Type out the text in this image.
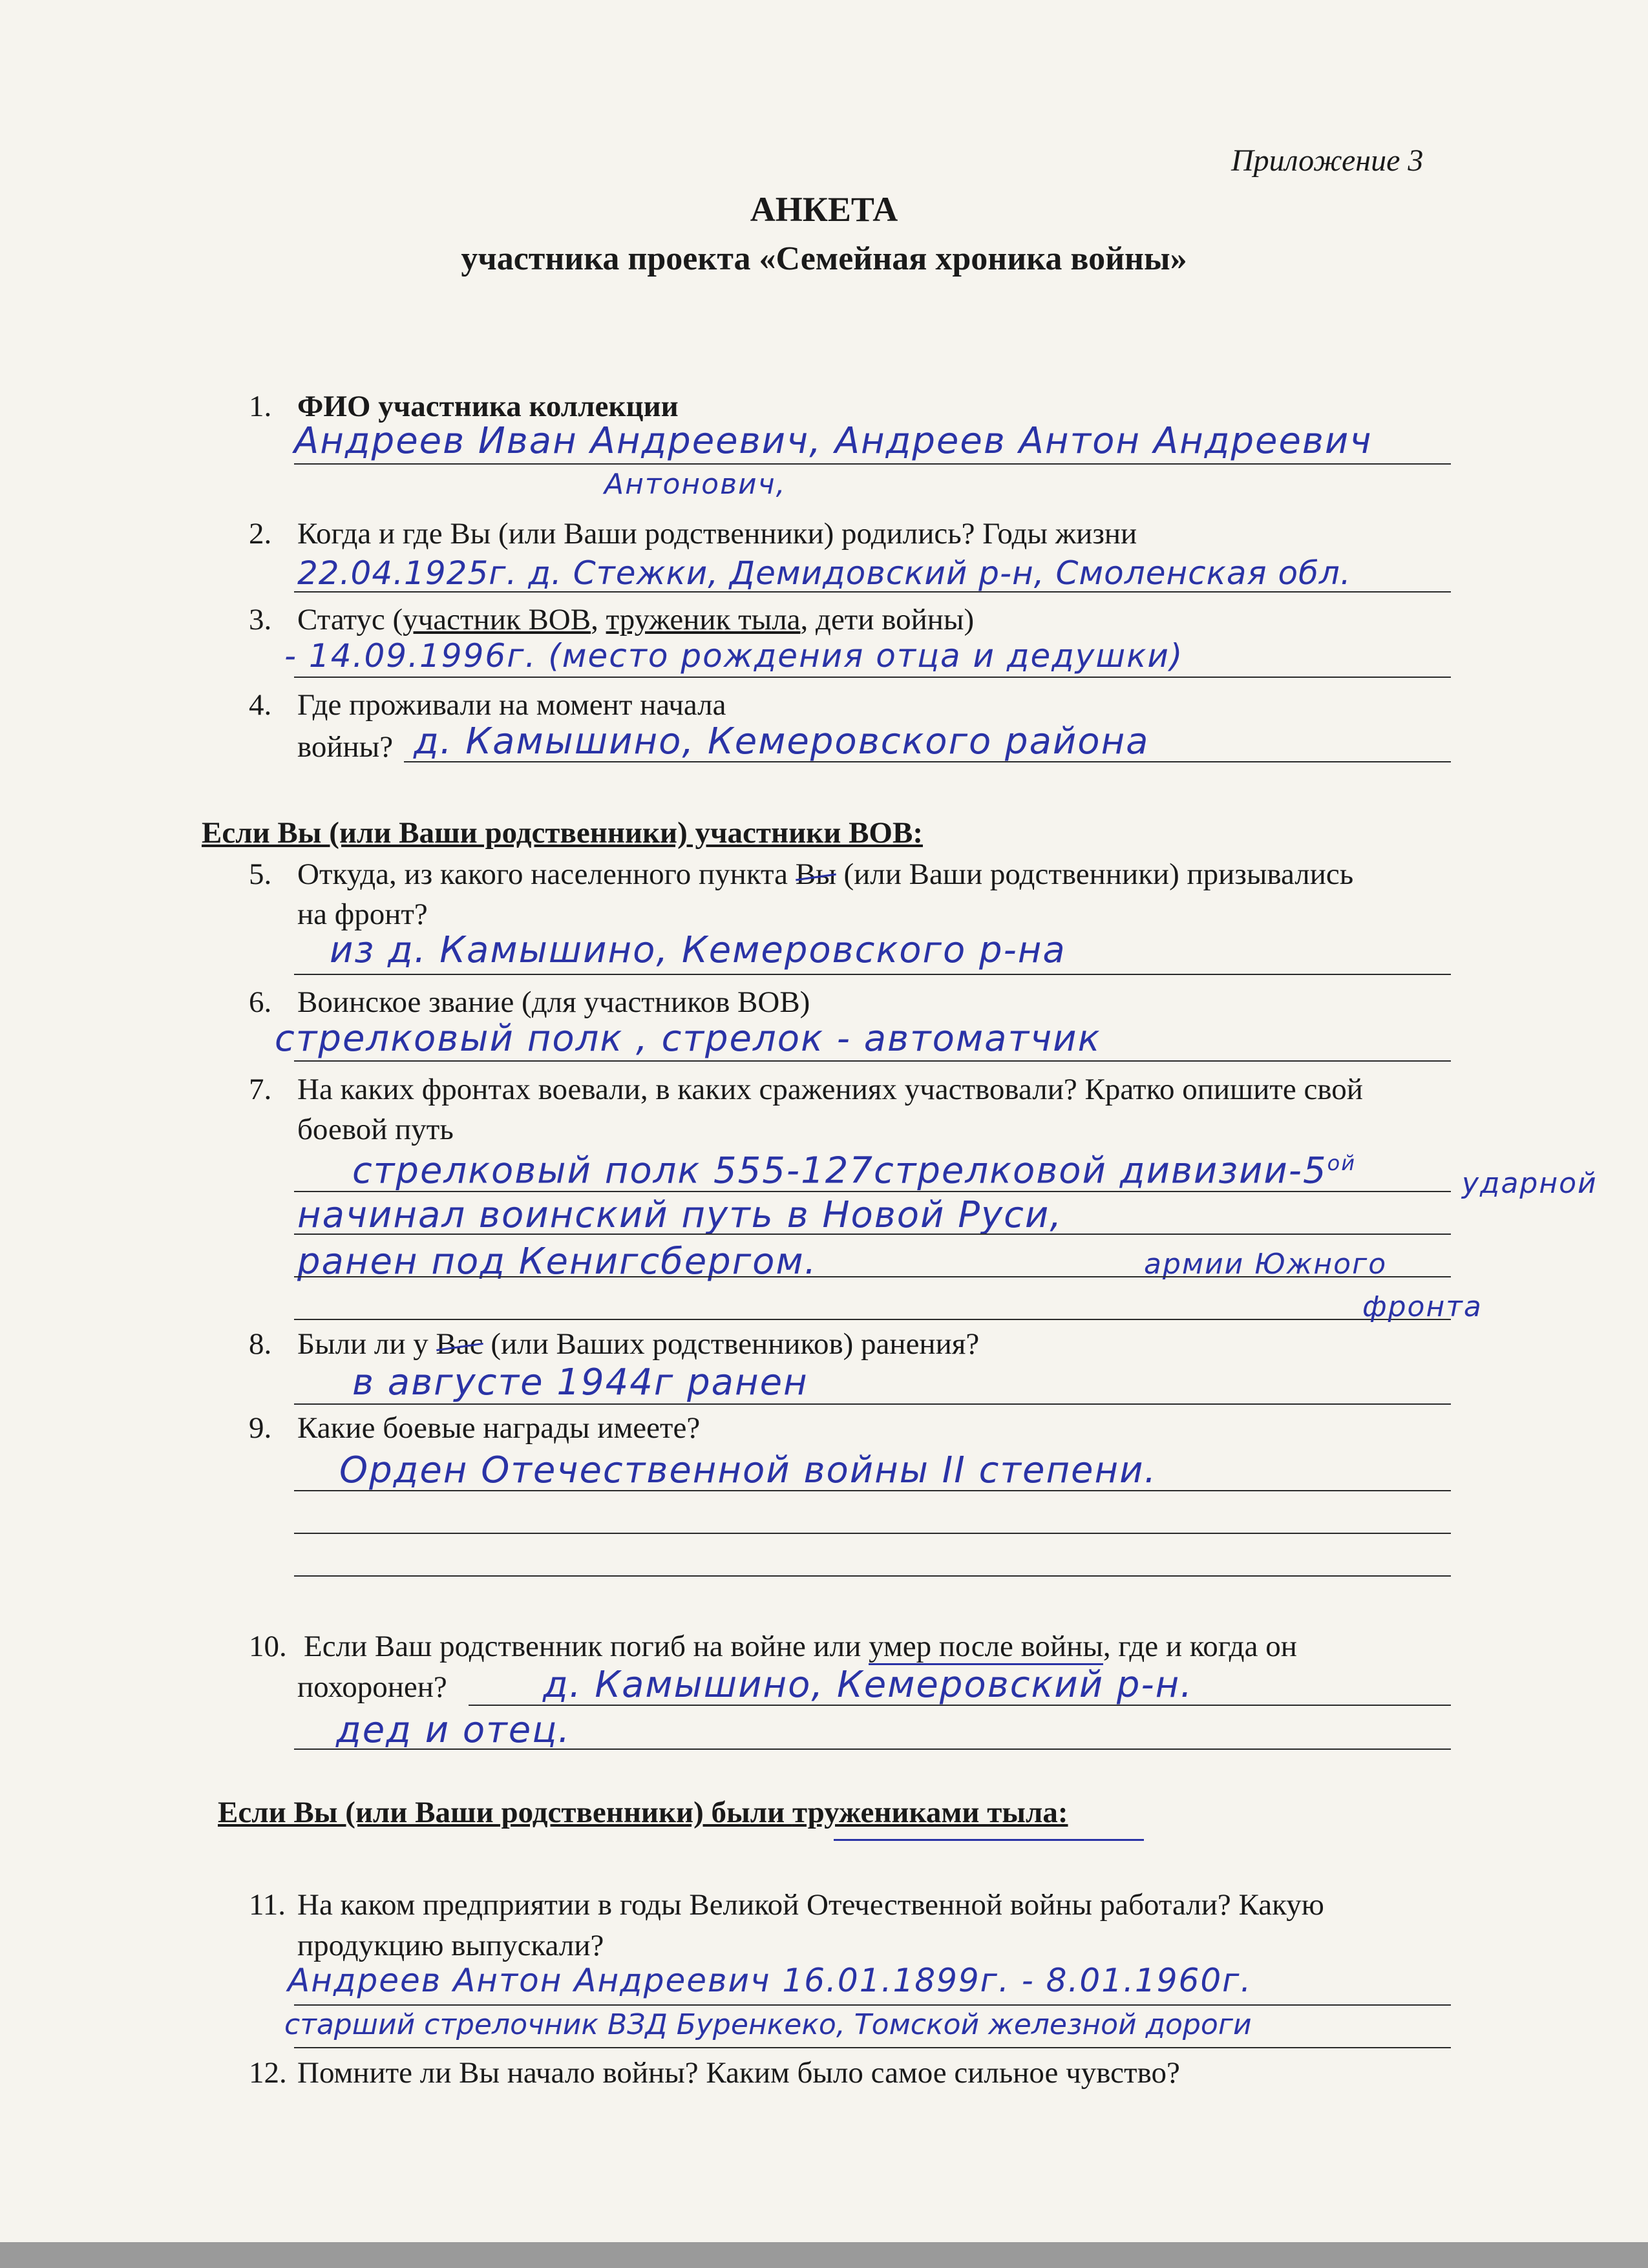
Приложение 3
АНКЕТА
участника проекта «Семейная хроника войны»
1. ФИО участника коллекции
Андреев Иван Андреевич, Андреев Антон Андреевич
Антонович,
2. Когда и где Вы (или Ваши родственники) родились? Годы жизни
22.04.1925г. д. Стежки, Демидовский р-н, Смоленская обл.
3. Статус (участник ВОВ, труженик тыла, дети войны)
- 14.09.1996г. (место рождения отца и дедушки)
4. Где проживали на момент начала
войны? д. Камышино, Кемеровского района
Если Вы (или Ваши родственники) участники ВОВ:
5. Откуда, из какого населенного пункта Вы (или Ваши родственники) призывались
на фронт?
из д. Камышино, Кемеровского р-на
6. Воинское звание (для участников ВОВ)
стрелковый полк , стрелок - автоматчик
7. На каких фронтах воевали, в каких сражениях участвовали? Кратко опишите свой
боевой путь
стрелковый полк 555-127стрелковой дивизии-$5^{ой}$
ударной
начинал воинский путь в Новой Руси,
ранен под Кенигсбергом.	армии Южного
фронта
8. Были ли у Вас (или Ваших родственников) ранения?
в августе 1944г ранен
9. Какие боевые награды имеете?
Орден Отечественной войны II степени.
10. Если Ваш родственник погиб на войне или умер после войны, где и когда он
похоронен?	д. Камышино, Кемеровский р-н.
дед и отец.
Если Вы (или Ваши родственники) были тружениками тыла:
11. На каком предприятии в годы Великой Отечественной войны работали? Какую
продукцию выпускали?
Андреев Антон Андреевич 16.01.1899г. - 8.01.1960г.
старший стрелочник ВЗД Буренкеко, Томской железной дороги
12. Помните ли Вы начало войны? Каким было самое сильное чувство?
